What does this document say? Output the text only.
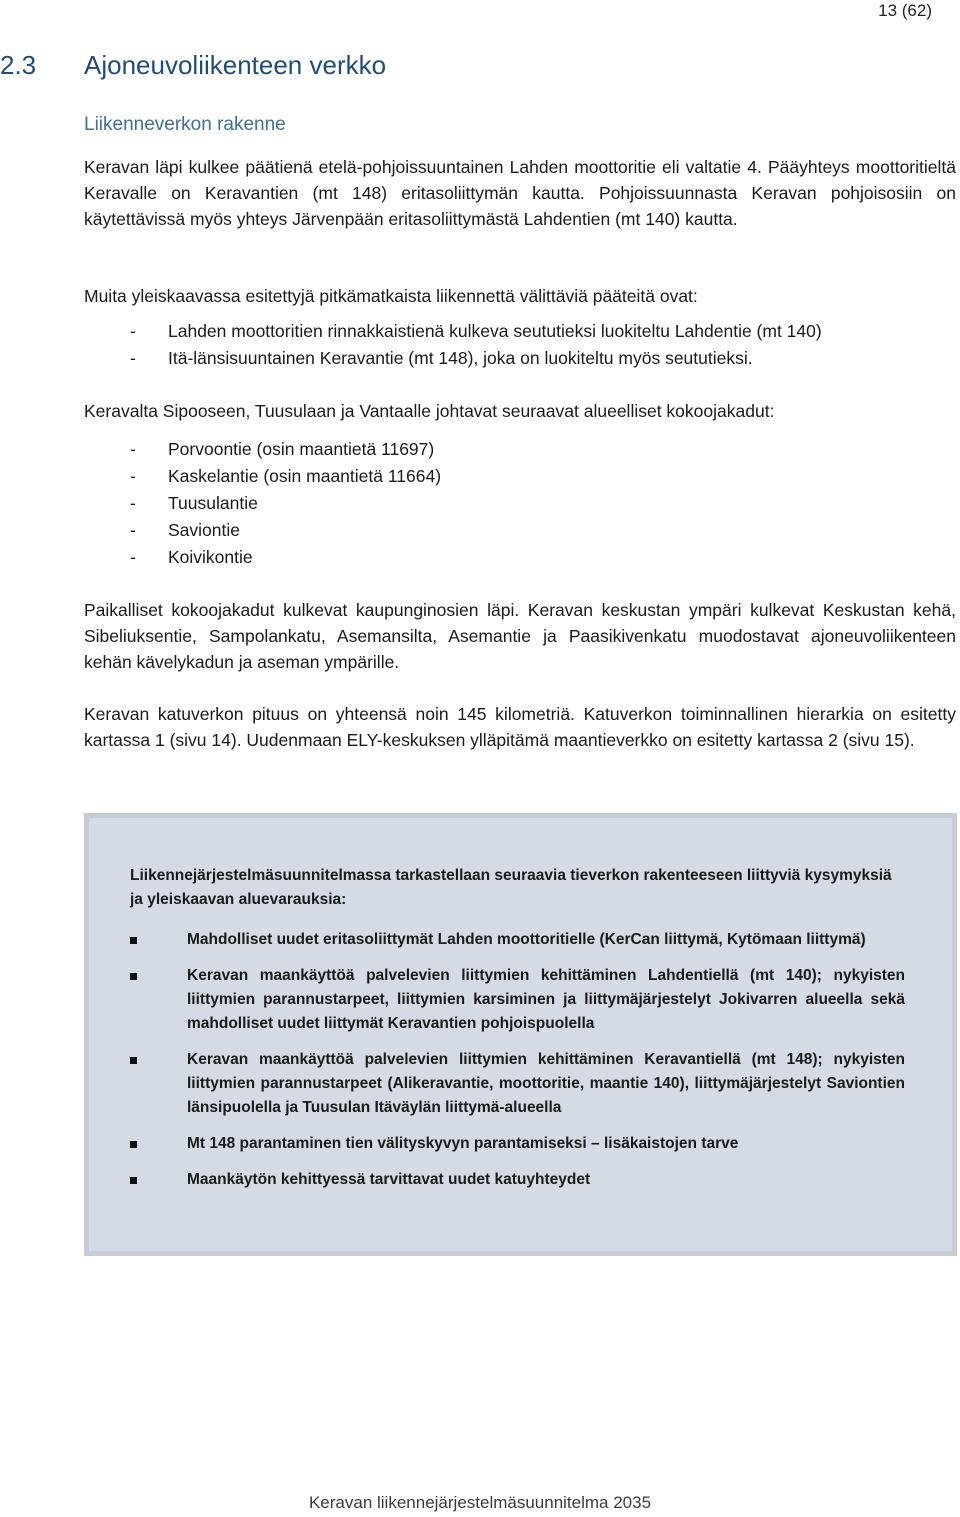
13 (62)
2.3 Ajoneuvoliikenteen verkko
Liikenneverkon rakenne

Keravan läpi kulkee päätienä etelä-pohjoissuuntainen Lahden moottoritie eli valtatie 4. Pääyhteys moottoritieltä Keravalle on Keravantien (mt 148) eritasoliittymän kautta. Pohjoissuunnasta Keravan pohjoisosiin on käytettävissä myös yhteys Järvenpään eritasoliittymästä Lahdentien (mt 140) kautta.

Muita yleiskaavassa esitettyjä pitkämatkaista liikennettä välittäviä pääteitä ovat:

- Lahden moottoritien rinnakkaistienä kulkeva seututieksi luokiteltu Lahdentie (mt 140)
- Itä-länsisuuntainen Keravantie (mt 148), joka on luokiteltu myös seututieksi.

Keravalta Sipooseen, Tuusulaan ja Vantaalle johtavat seuraavat alueelliset kokoojakadut:

- Porvoontie (osin maantietä 11697)
- Kaskelantie (osin maantietä 11664)
- Tuusulantie
- Saviontie
- Koivikontie

Paikalliset kokoojakadut kulkevat kaupunginosien läpi. Keravan keskustan ympäri kulkevat Keskustan kehä, Sibeliuksentie, Sampolankatu, Asemansilta, Asemantie ja Paasikivenkatu muodostavat ajoneuvoliikenteen kehän kävelykadun ja aseman ympärille.

Keravan katuverkon pituus on yhteensä noin 145 kilometriä. Katuverkon toiminnallinen hierarkia on esitetty kartassa 1 (sivu 14). Uudenmaan ELY-keskuksen ylläpitämä maantieverkko on esitetty kartassa 2 (sivu 15).

Liikennejärjestelmäsuunnitelmassa tarkastellaan seuraavia tieverkon rakenteeseen liittyviä kysymyksiä ja yleiskaavan aluevarauksia:

Mahdolliset uudet eritasoliittymät Lahden moottoritielle (KerCan liittymä, Kytömaan liittymä)
Keravan maankäyttöä palvelevien liittymien kehittäminen Lahdentiellä (mt 140); nykyisten liittymien parannustarpeet, liittymien karsiminen ja liittymäjärjestelyt Jokivarren alueella sekä mahdolliset uudet liittymät Keravantien pohjoispuolella
Keravan maankäyttöä palvelevien liittymien kehittäminen Keravantiellä (mt 148); nykyisten liittymien parannustarpeet (Alikeravantie, moottoritie, maantie 140), liittymäjärjestelyt Saviontien länsipuolella ja Tuusulan Itäväylän liittymä-alueella
Mt 148 parantaminen tien välityskyvyn parantamiseksi – lisäkaistojen tarve
Maankäytön kehittyessä tarvittavat uudet katuyhteydet
Keravan liikennejärjestelmäsuunnitelma 2035
